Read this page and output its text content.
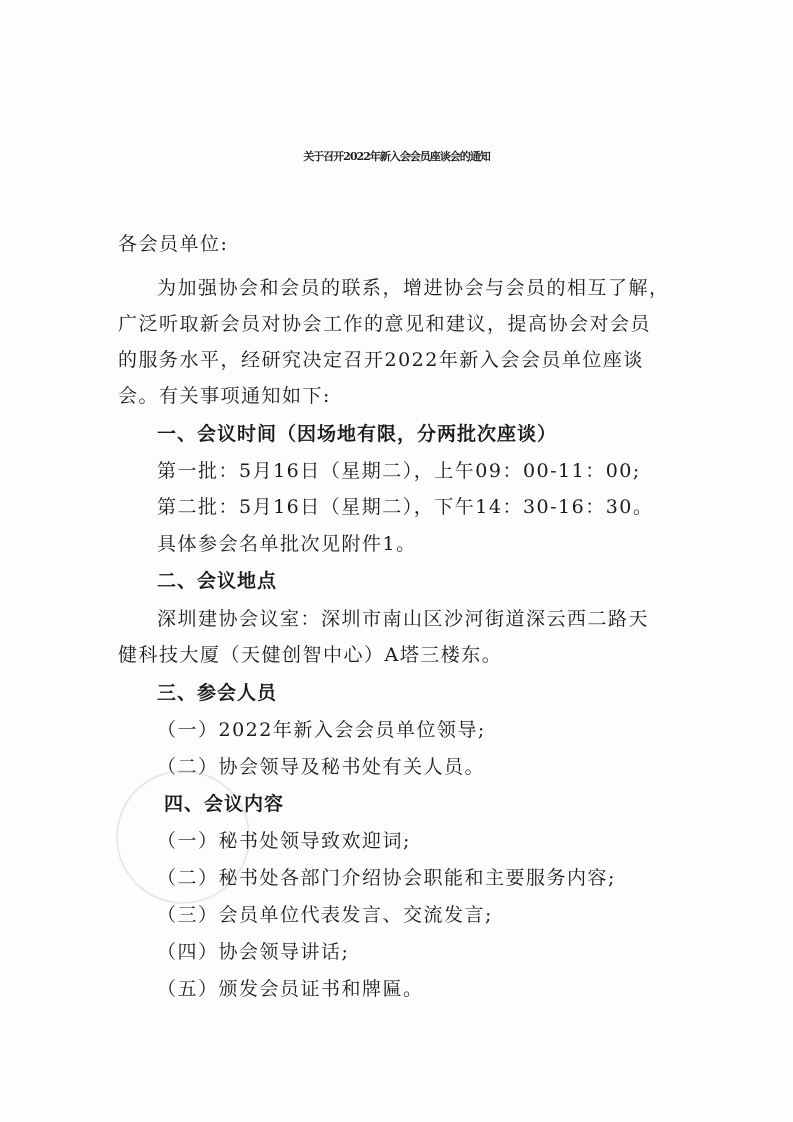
关于召开2022年新入会会员座谈会的通知
各会员单位:
为加强协会和会员的联系，增进协会与会员的相互了解，
广泛听取新会员对协会工作的意见和建议，提高协会对会员
的服务水平，经研究决定召开2022年新入会会员单位座谈
会。有关事项通知如下:
一、会议时间（因场地有限，分两批次座谈）
第一批：5月16日（星期二），上午09：00-11：00;
第二批：5月16日（星期二），下午14：30-16：30。
具体参会名单批次见附件1。
二、会议地点
深圳建协会议室：深圳市南山区沙河街道深云西二路天
健科技大厦（天健创智中心）A塔三楼东。
三、参会人员
（一）2022年新入会会员单位领导;
（二）协会领导及秘书处有关人员。
四、会议内容
（一）秘书处领导致欢迎词;
（二）秘书处各部门介绍协会职能和主要服务内容;
（三）会员单位代表发言、交流发言;
（四）协会领导讲话;
（五）颁发会员证书和牌匾。
